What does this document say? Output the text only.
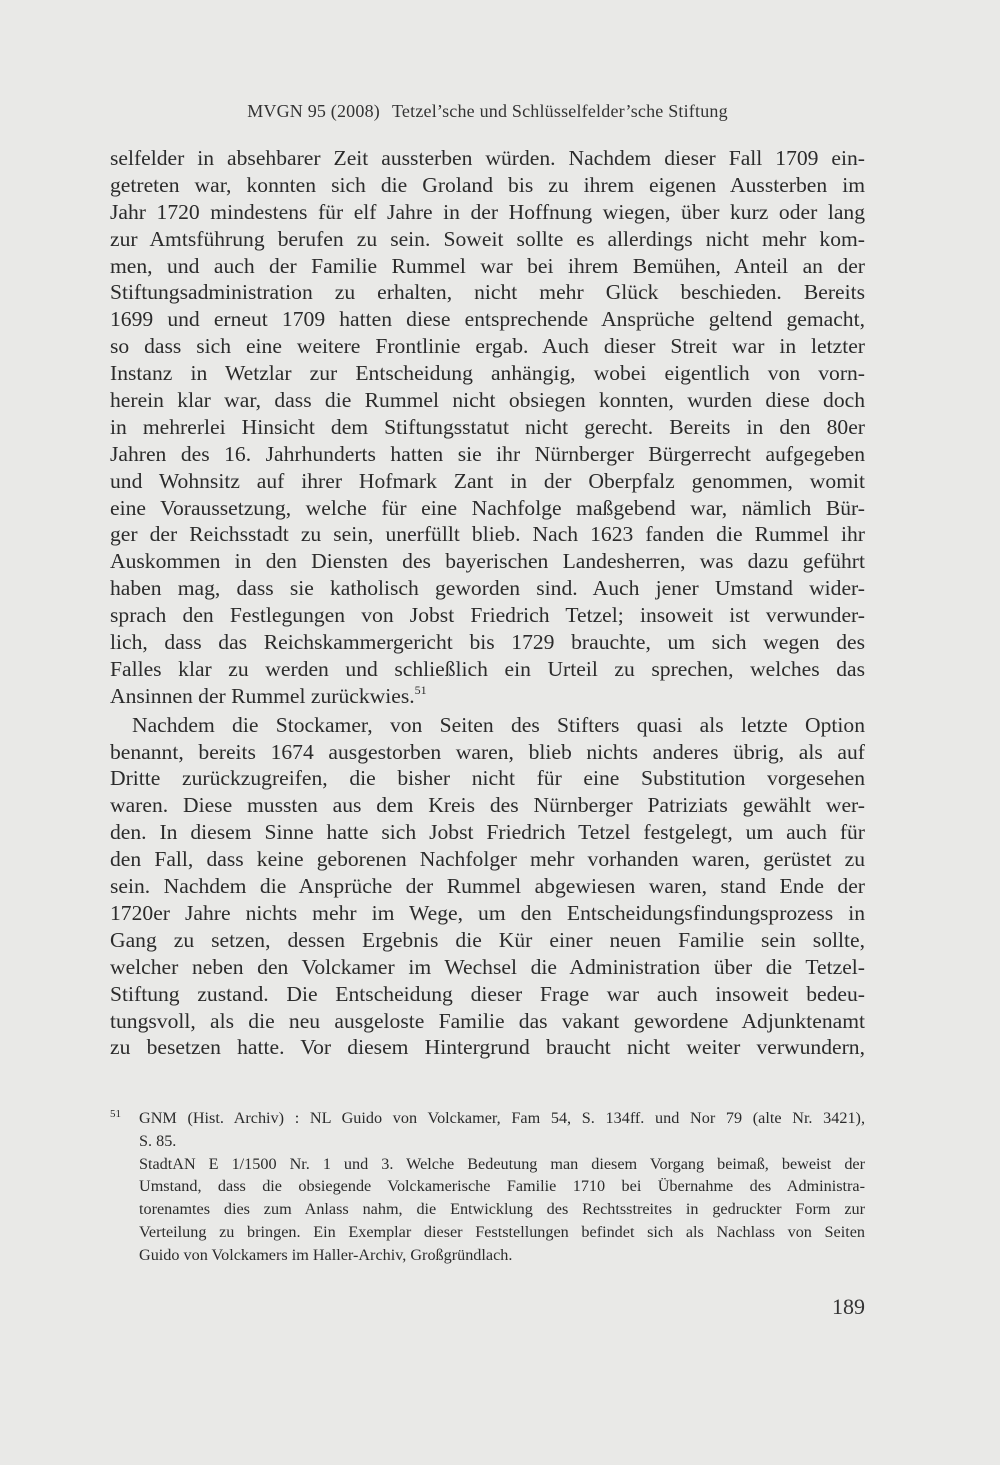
MVGN 95 (2008) Tetzel’sche und Schlüsselfelder’sche Stiftung
selfelder in absehbarer Zeit aussterben würden. Nachdem dieser Fall 1709 ein-
getreten war, konnten sich die Groland bis zu ihrem eigenen Aussterben im
Jahr 1720 mindestens für elf Jahre in der Hoffnung wiegen, über kurz oder lang
zur Amtsführung berufen zu sein. Soweit sollte es allerdings nicht mehr kom-
men, und auch der Familie Rummel war bei ihrem Bemühen, Anteil an der
Stiftungsadministration zu erhalten, nicht mehr Glück beschieden. Bereits
1699 und erneut 1709 hatten diese entsprechende Ansprüche geltend gemacht,
so dass sich eine weitere Frontlinie ergab. Auch dieser Streit war in letzter
Instanz in Wetzlar zur Entscheidung anhängig, wobei eigentlich von vorn-
herein klar war, dass die Rummel nicht obsiegen konnten, wurden diese doch
in mehrerlei Hinsicht dem Stiftungsstatut nicht gerecht. Bereits in den 80er
Jahren des 16. Jahrhunderts hatten sie ihr Nürnberger Bürgerrecht aufgegeben
und Wohnsitz auf ihrer Hofmark Zant in der Oberpfalz genommen, womit
eine Voraussetzung, welche für eine Nachfolge maßgebend war, nämlich Bür-
ger der Reichsstadt zu sein, unerfüllt blieb. Nach 1623 fanden die Rummel ihr
Auskommen in den Diensten des bayerischen Landesherren, was dazu geführt
haben mag, dass sie katholisch geworden sind. Auch jener Umstand wider-
sprach den Festlegungen von Jobst Friedrich Tetzel; insoweit ist verwunder-
lich, dass das Reichskammergericht bis 1729 brauchte, um sich wegen des
Falles klar zu werden und schließlich ein Urteil zu sprechen, welches das
Ansinnen der Rummel zurückwies.$^{51}$
Nachdem die Stockamer, von Seiten des Stifters quasi als letzte Option
benannt, bereits 1674 ausgestorben waren, blieb nichts anderes übrig, als auf
Dritte zurückzugreifen, die bisher nicht für eine Substitution vorgesehen
waren. Diese mussten aus dem Kreis des Nürnberger Patriziats gewählt wer-
den. In diesem Sinne hatte sich Jobst Friedrich Tetzel festgelegt, um auch für
den Fall, dass keine geborenen Nachfolger mehr vorhanden waren, gerüstet zu
sein. Nachdem die Ansprüche der Rummel abgewiesen waren, stand Ende der
1720er Jahre nichts mehr im Wege, um den Entscheidungsfindungsprozess in
Gang zu setzen, dessen Ergebnis die Kür einer neuen Familie sein sollte,
welcher neben den Volckamer im Wechsel die Administration über die Tetzel-
Stiftung zustand. Die Entscheidung dieser Frage war auch insoweit bedeu-
tungsvoll, als die neu ausgeloste Familie das vakant gewordene Adjunktenamt
zu besetzen hatte. Vor diesem Hintergrund braucht nicht weiter verwundern,
51	GNM (Hist. Archiv) : NL Guido von Volckamer, Fam 54, S. 134ff. und Nor 79 (alte Nr. 3421),
S. 85.
StadtAN E 1/1500 Nr. 1 und 3. Welche Bedeutung man diesem Vorgang beimaß, beweist der
Umstand, dass die obsiegende Volckamerische Familie 1710 bei Übernahme des Administra-
torenamtes dies zum Anlass nahm, die Entwicklung des Rechtsstreites in gedruckter Form zur
Verteilung zu bringen. Ein Exemplar dieser Feststellungen befindet sich als Nachlass von Seiten
Guido von Volckamers im Haller-Archiv, Großgründlach.
189
